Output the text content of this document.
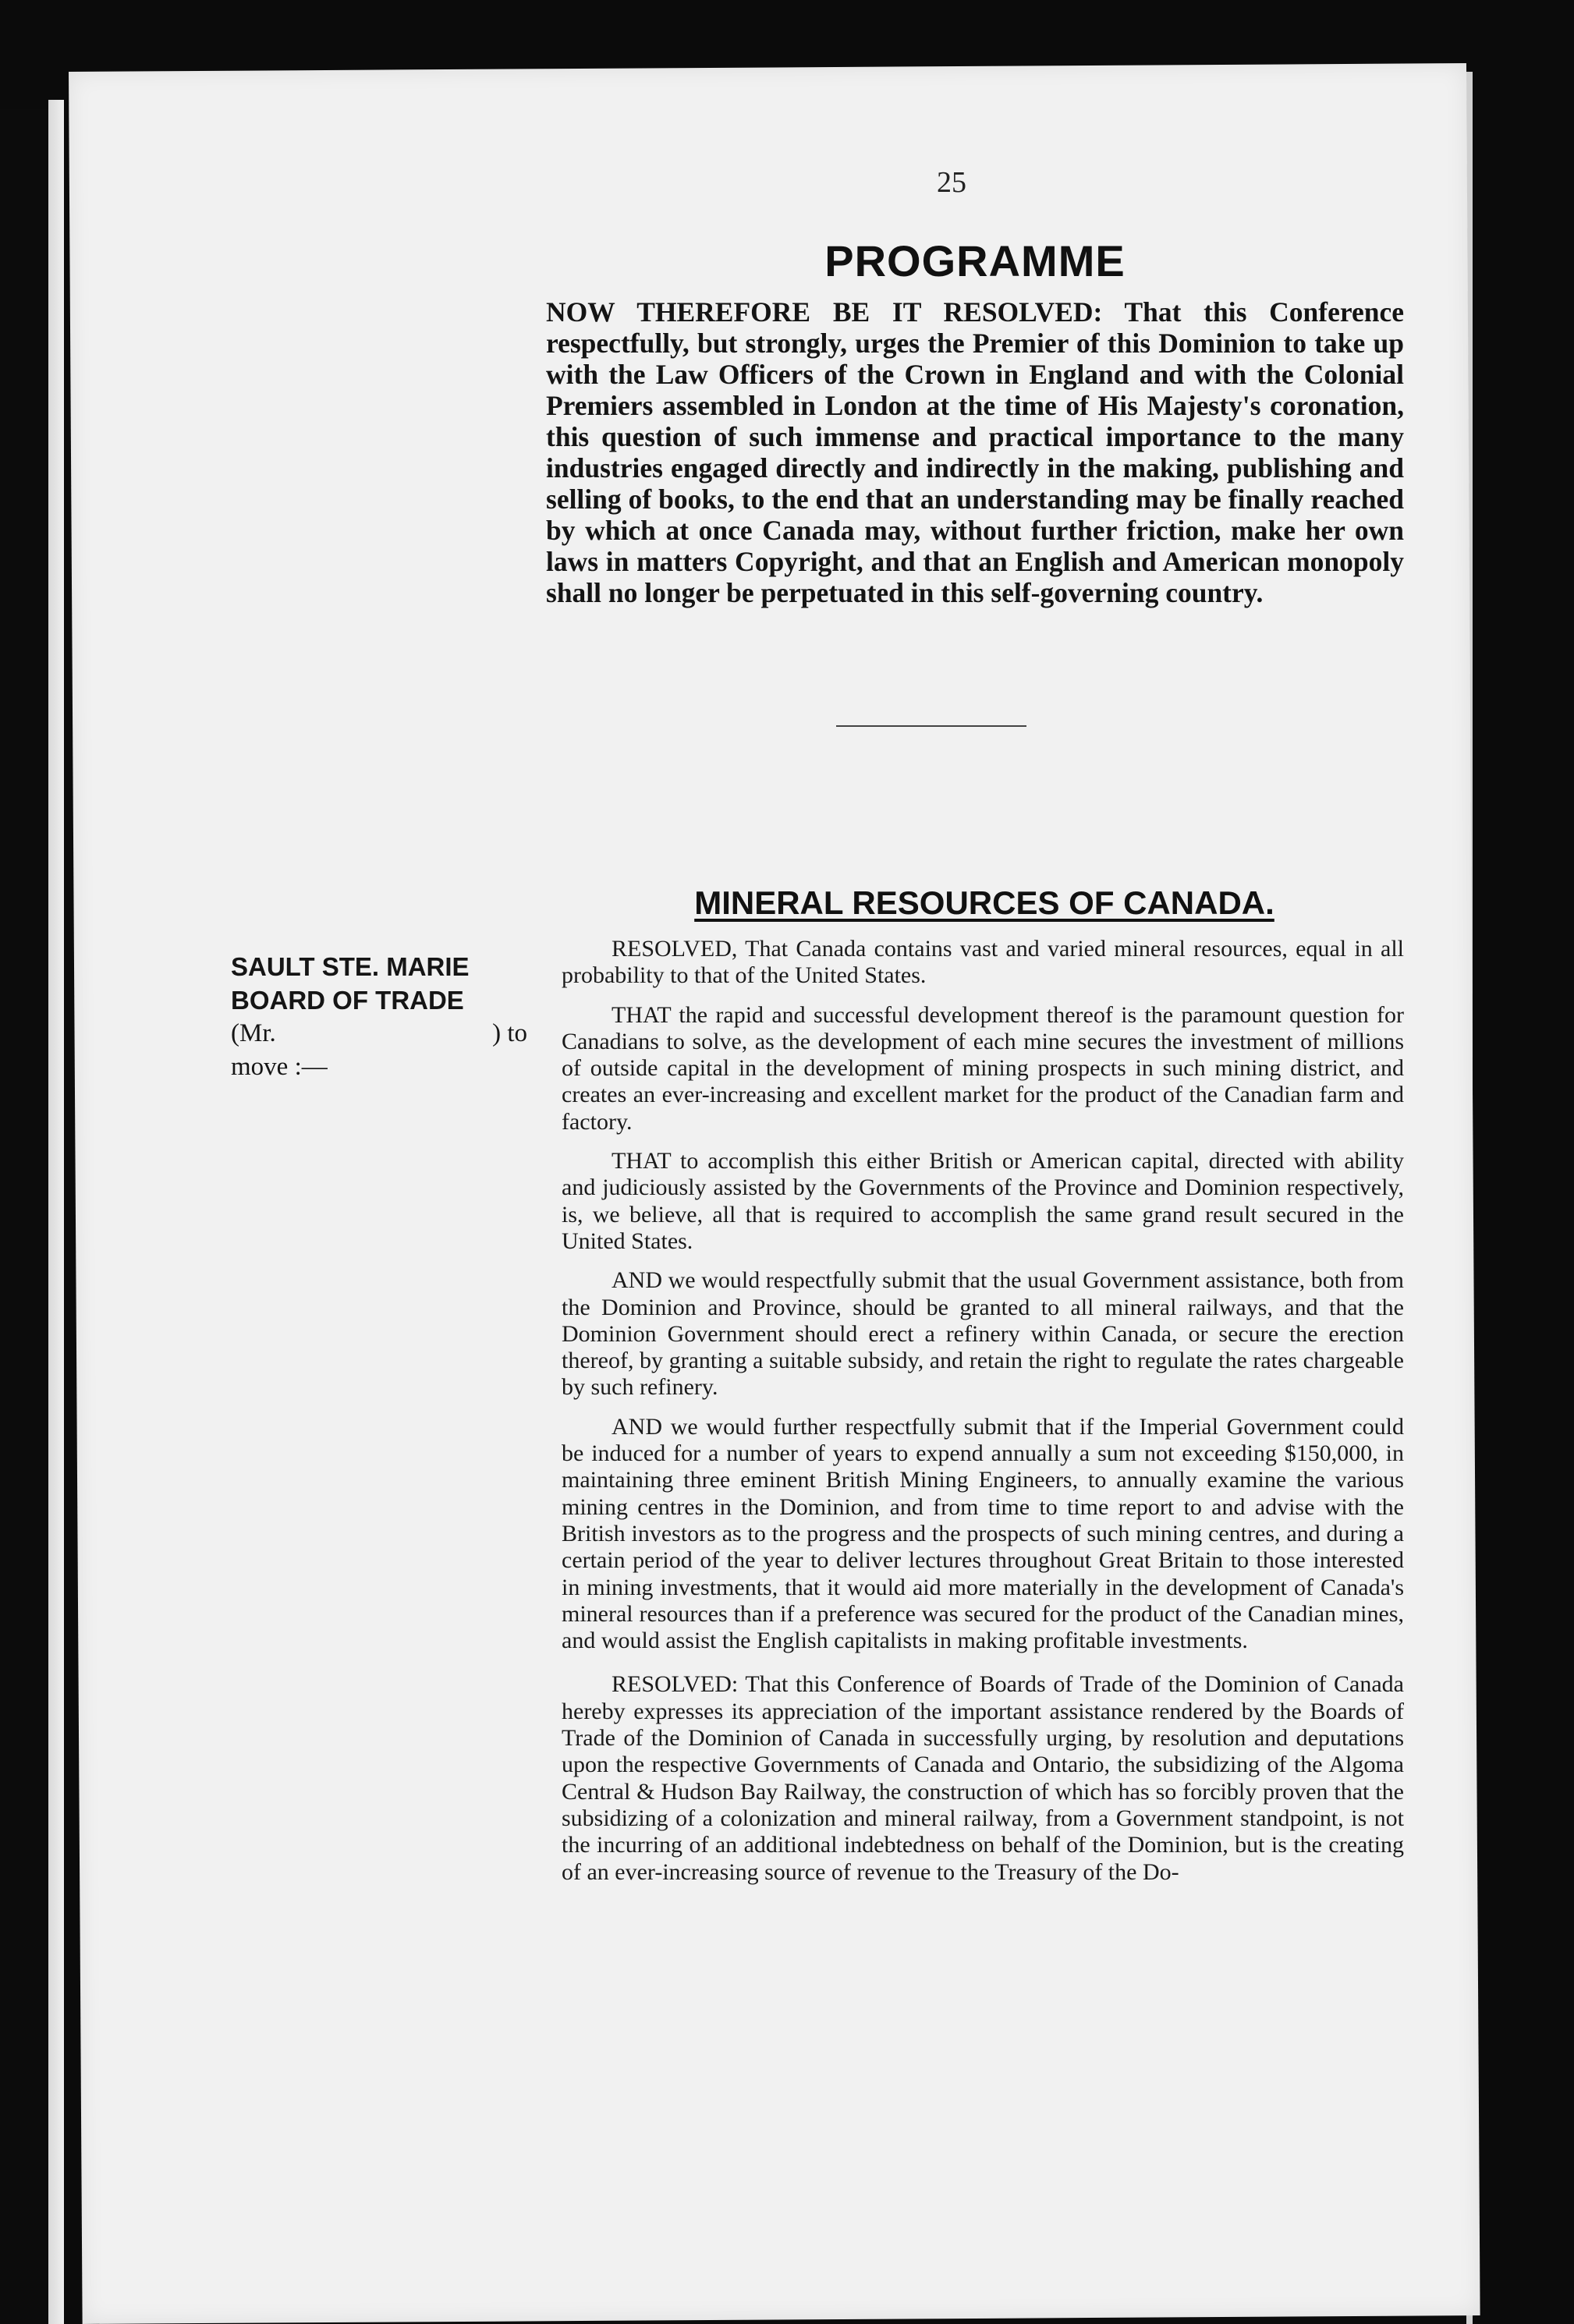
25
PROGRAMME
NOW THEREFORE BE IT RESOLVED: That this Conference respectfully, but strongly, urges the Premier of this Dominion to take up with the Law Officers of the Crown in England and with the Colonial Premiers assembled in London at the time of His Majesty's coronation, this question of such immense and practical importance to the many industries engaged directly and indirectly in the making, publishing and selling of books, to the end that an understanding may be finally reached by which at once Canada may, without further friction, make her own laws in matters Copyright, and that an English and American monopoly shall no longer be perpetuated in this self-governing country.
MINERAL RESOURCES OF CANADA.
SAULT STE. MARIE
BOARD OF TRADE
(Mr.	) to
move :—

RESOLVED, That Canada contains vast and varied mineral resources, equal in all probability to that of the United States.

THAT the rapid and successful development thereof is the paramount question for Canadians to solve, as the development of each mine secures the investment of millions of outside capital in the development of mining prospects in such mining district, and creates an ever-increasing and excellent market for the product of the Canadian farm and factory.

THAT to accomplish this either British or American capital, directed with ability and judiciously assisted by the Governments of the Province and Dominion respectively, is, we believe, all that is required to accomplish the same grand result secured in the United States.

AND we would respectfully submit that the usual Government assistance, both from the Dominion and Province, should be granted to all mineral railways, and that the Dominion Government should erect a refinery within Canada, or secure the erection thereof, by granting a suitable subsidy, and retain the right to regulate the rates chargeable by such refinery.

AND we would further respectfully submit that if the Imperial Government could be induced for a number of years to expend annually a sum not exceeding $150,000, in maintaining three eminent British Mining Engineers, to annually examine the various mining centres in the Dominion, and from time to time report to and advise with the British investors as to the progress and the prospects of such mining centres, and during a certain period of the year to deliver lectures throughout Great Britain to those interested in mining investments, that it would aid more materially in the development of Canada's mineral resources than if a preference was secured for the product of the Canadian mines, and would assist the English capitalists in making profitable investments.

RESOLVED: That this Conference of Boards of Trade of the Dominion of Canada hereby expresses its appreciation of the important assistance rendered by the Boards of Trade of the Dominion of Canada in successfully urging, by resolution and deputations upon the respective Governments of Canada and Ontario, the subsidizing of the Algoma Central & Hudson Bay Railway, the construction of which has so forcibly proven that the subsidizing of a colonization and mineral railway, from a Government standpoint, is not the incurring of an additional indebtedness on behalf of the Dominion, but is the creating of an ever-increasing source of revenue to the Treasury of the Do-
